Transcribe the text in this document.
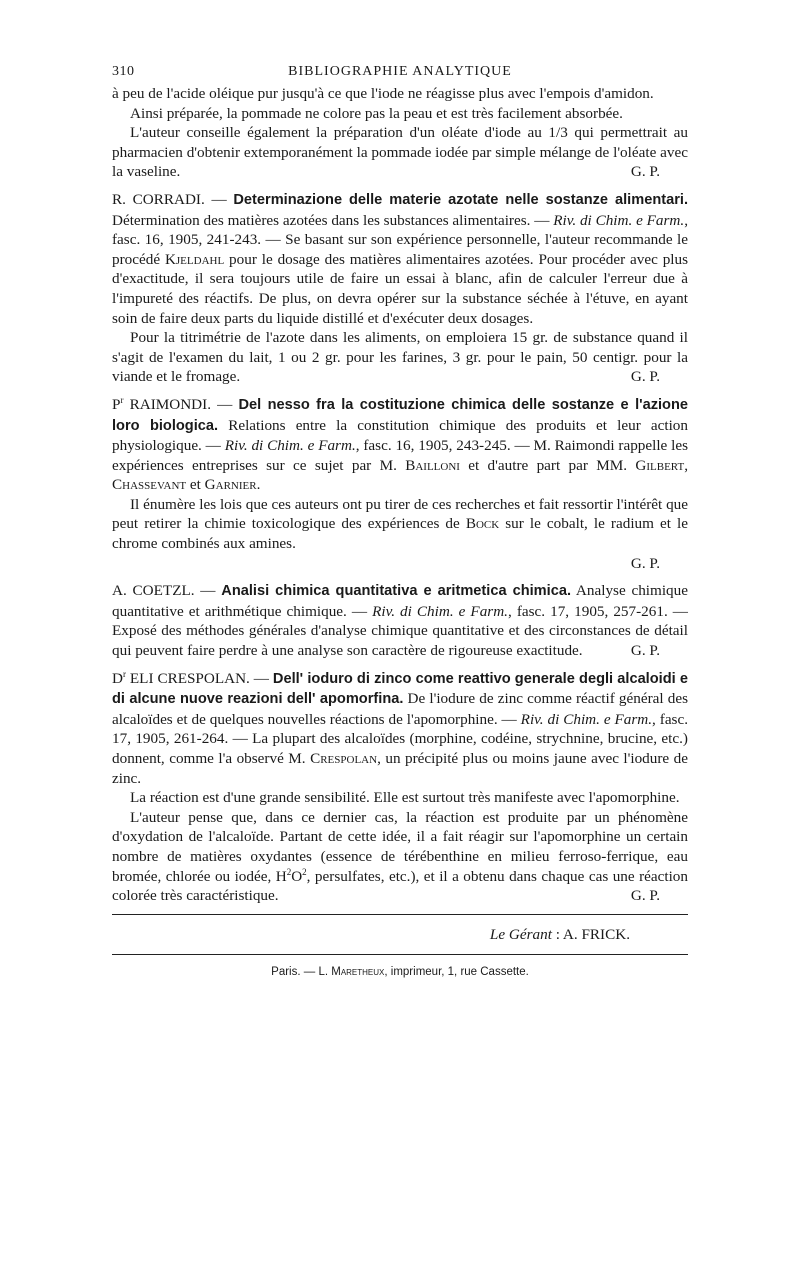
310	BIBLIOGRAPHIE ANALYTIQUE

à peu de l'acide oléique pur jusqu'à ce que l'iode ne réagisse plus avec l'empois d'amidon.

Ainsi préparée, la pommade ne colore pas la peau et est très facilement absorbée.

L'auteur conseille également la préparation d'un oléate d'iode au 1/3 qui permettrait au pharmacien d'obtenir extemporanément la pommade iodée par simple mélange de l'oléate avec la vaseline.	G. P.

R. CORRADI. — Determinazione delle materie azotate nelle sostanze alimentari. Détermination des matières azotées dans les substances alimentaires. — Riv. di Chim. e Farm., fasc. 16, 1905, 241-243. — Se basant sur son expérience personnelle, l'auteur recommande le procédé Kjeldahl pour le dosage des matières alimentaires azotées. Pour procéder avec plus d'exactitude, il sera toujours utile de faire un essai à blanc, afin de calculer l'erreur due à l'impureté des réactifs. De plus, on devra opérer sur la substance séchée à l'étuve, en ayant soin de faire deux parts du liquide distillé et d'exécuter deux dosages.

Pour la titrimétrie de l'azote dans les aliments, on emploiera 15 gr. de substance quand il s'agit de l'examen du lait, 1 ou 2 gr. pour les farines, 3 gr. pour le pain, 50 centigr. pour la viande et le fromage.	G. P.

$P^r$ RAIMONDI. — Del nesso fra la costituzione chimica delle sostanze e l'azione loro biologica. Relations entre la constitution chimique des produits et leur action physiologique. — Riv. di Chim. e Farm., fasc. 16, 1905, 243-245. — M. Raimondi rappelle les expériences entreprises sur ce sujet par M. Bailloni et d'autre part par MM. Gilbert, Chassevant et Garnier.

Il énumère les lois que ces auteurs ont pu tirer de ces recherches et fait ressortir l'intérêt que peut retirer la chimie toxicologique des expériences de Bock sur le cobalt, le radium et le chrome combinés aux amines.

G. P.

A. COETZL. — Analisi chimica quantitativa e aritmetica chimica. Analyse chimique quantitative et arithmétique chimique. — Riv. di Chim. e Farm., fasc. 17, 1905, 257-261. — Exposé des méthodes générales d'analyse chimique quantitative et des circonstances de détail qui peuvent faire perdre à une analyse son caractère de rigoureuse exactitude.	G. P.

$D^r$ ELI CRESPOLAN. — Dell' ioduro di zinco come reattivo generale degli alcaloidi e di alcune nuove reazioni dell' apomorfina. De l'iodure de zinc comme réactif général des alcaloïdes et de quelques nouvelles réactions de l'apomorphine. — Riv. di Chim. e Farm., fasc. 17, 1905, 261-264. — La plupart des alcaloïdes (morphine, codéine, strychnine, brucine, etc.) donnent, comme l'a observé M. Crespolan, un précipité plus ou moins jaune avec l'iodure de zinc.

La réaction est d'une grande sensibilité. Elle est surtout très manifeste avec l'apomorphine.

L'auteur pense que, dans ce dernier cas, la réaction est produite par un phénomène d'oxydation de l'alcaloïde. Partant de cette idée, il a fait réagir sur l'apomorphine un certain nombre de matières oxydantes (essence de térébenthine en milieu ferroso-ferrique, eau bromée, chlorée ou iodée, $H^2O^2$, persulfates, etc.), et il a obtenu dans chaque cas une réaction colorée très caractéristique.	G. P.

Le Gérant : A. FRICK.
Paris. — L. Maretheux, imprimeur, 1, rue Cassette.
